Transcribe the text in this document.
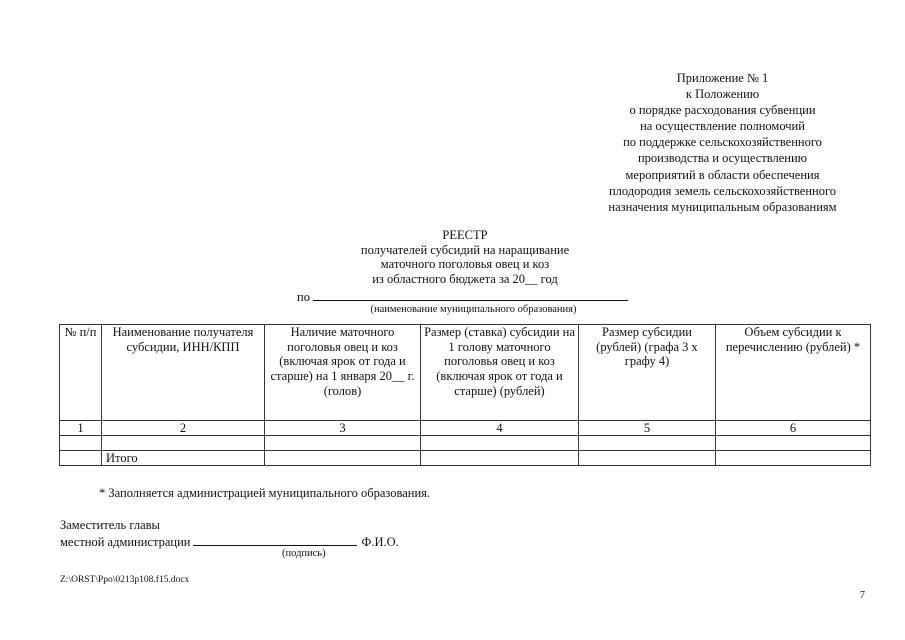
Приложение № 1
к Положению
о порядке расходования субвенции
на осуществление полномочий
по поддержке сельскохозяйственного
производства и осуществлению
мероприятий в области обеспечения
плодородия земель сельскохозяйственного
назначения муниципальным образованиям
РЕЕСТР
получателей субсидий на наращивание
маточного поголовья овец и коз
из областного бюджета за 20__ год
по
(наименование муниципального образования)
№ п/п	Наименование получателя субсидии, ИНН/КПП	Наличие маточного поголовья овец и коз (включая ярок от года и старше) на 1 января 20__ г. (голов)	Размер (ставка) субсидии на 1 голову маточного поголовья овец и коз (включая ярок от года и старше) (рублей)	Размер субсидии (рублей) (графа 3 x графу 4)	Объем субсидии к перечислению (рублей) *
1	2	3	4	5	6

	Итого				
* Заполняется администрацией муниципального образования.
Заместитель главы
местной администрации	Ф.И.О.
(подпись)
Z:\ORST\Ppo\0213p108.f15.docx
7
